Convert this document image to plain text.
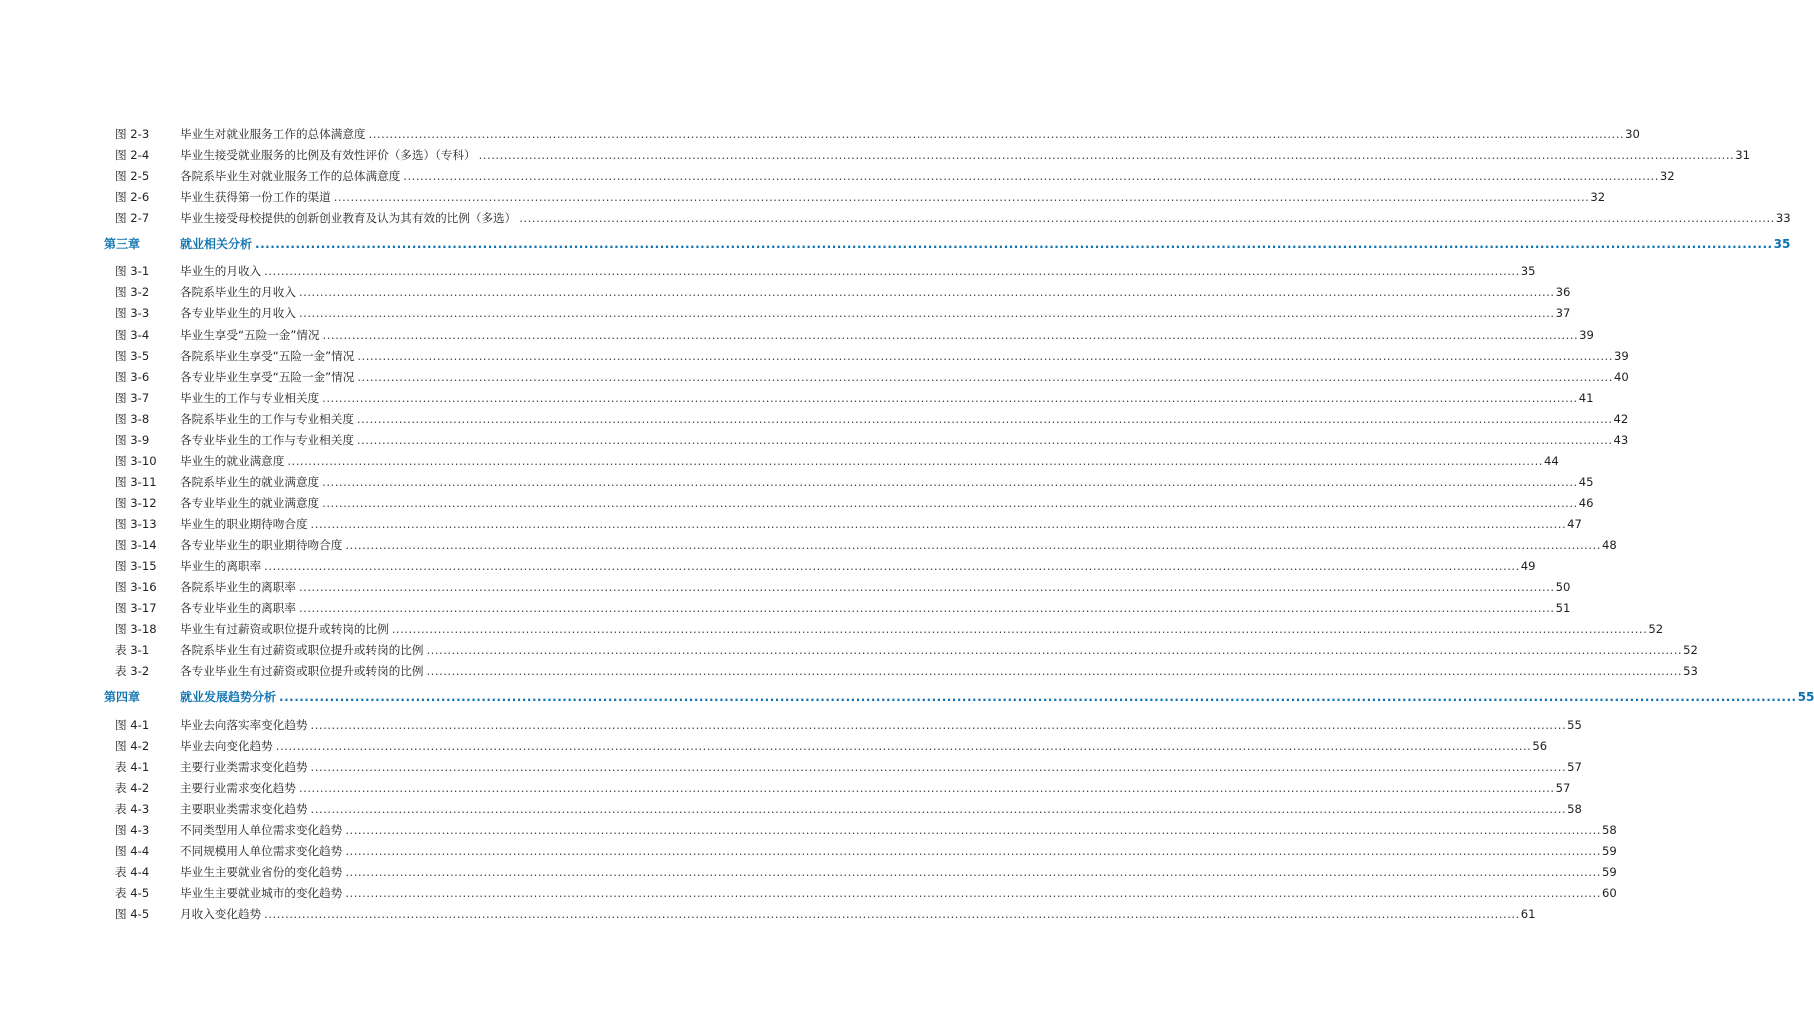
图 2-3	毕业生对就业服务工作的总体满意度 ............................................................................................................................................................................................................................................................................................................ 30
图 2-4	毕业生接受就业服务的比例及有效性评价（多选）（专科） ............................................................................................................................................................................................................................................................................................................ 31
图 2-5	各院系毕业生对就业服务工作的总体满意度 ............................................................................................................................................................................................................................................................................................................ 32
图 2-6	毕业生获得第一份工作的渠道 ............................................................................................................................................................................................................................................................................................................ 32
图 2-7	毕业生接受母校提供的创新创业教育及认为其有效的比例（多选） ............................................................................................................................................................................................................................................................................................................ 33
第三章	就业相关分析 ............................................................................................................................................................................................................................................................................................................ 35
图 3-1	毕业生的月收入 ............................................................................................................................................................................................................................................................................................................ 35
图 3-2	各院系毕业生的月收入 ............................................................................................................................................................................................................................................................................................................ 36
图 3-3	各专业毕业生的月收入 ............................................................................................................................................................................................................................................................................................................ 37
图 3-4	毕业生享受“五险一金”情况 ............................................................................................................................................................................................................................................................................................................ 39
图 3-5	各院系毕业生享受“五险一金”情况 ............................................................................................................................................................................................................................................................................................................ 39
图 3-6	各专业毕业生享受“五险一金”情况 ............................................................................................................................................................................................................................................................................................................ 40
图 3-7	毕业生的工作与专业相关度 ............................................................................................................................................................................................................................................................................................................ 41
图 3-8	各院系毕业生的工作与专业相关度 ............................................................................................................................................................................................................................................................................................................ 42
图 3-9	各专业毕业生的工作与专业相关度 ............................................................................................................................................................................................................................................................................................................ 43
图 3-10 毕业生的就业满意度 ............................................................................................................................................................................................................................................................................................................ 44
图 3-11 各院系毕业生的就业满意度 ............................................................................................................................................................................................................................................................................................................ 45
图 3-12 各专业毕业生的就业满意度 ............................................................................................................................................................................................................................................................................................................ 46
图 3-13 毕业生的职业期待吻合度 ............................................................................................................................................................................................................................................................................................................ 47
图 3-14 各专业毕业生的职业期待吻合度 ............................................................................................................................................................................................................................................................................................................ 48
图 3-15 毕业生的离职率 ............................................................................................................................................................................................................................................................................................................ 49
图 3-16 各院系毕业生的离职率 ............................................................................................................................................................................................................................................................................................................ 50
图 3-17 各专业毕业生的离职率 ............................................................................................................................................................................................................................................................................................................ 51
图 3-18 毕业生有过薪资或职位提升或转岗的比例 ............................................................................................................................................................................................................................................................................................................ 52
表 3-1	各院系毕业生有过薪资或职位提升或转岗的比例 ............................................................................................................................................................................................................................................................................................................ 52
表 3-2	各专业毕业生有过薪资或职位提升或转岗的比例 ............................................................................................................................................................................................................................................................................................................ 53
第四章	就业发展趋势分析 ............................................................................................................................................................................................................................................................................................................ 55
图 4-1	毕业去向落实率变化趋势 ............................................................................................................................................................................................................................................................................................................ 55
图 4-2	毕业去向变化趋势 ............................................................................................................................................................................................................................................................................................................ 56
表 4-1	主要行业类需求变化趋势 ............................................................................................................................................................................................................................................................................................................ 57
表 4-2	主要行业需求变化趋势 ............................................................................................................................................................................................................................................................................................................ 57
表 4-3	主要职业类需求变化趋势 ............................................................................................................................................................................................................................................................................................................ 58
图 4-3	不同类型用人单位需求变化趋势 ............................................................................................................................................................................................................................................................................................................ 58
图 4-4	不同规模用人单位需求变化趋势 ............................................................................................................................................................................................................................................................................................................ 59
表 4-4	毕业生主要就业省份的变化趋势 ............................................................................................................................................................................................................................................................................................................ 59
表 4-5	毕业生主要就业城市的变化趋势 ............................................................................................................................................................................................................................................................................................................ 60
图 4-5	月收入变化趋势 ............................................................................................................................................................................................................................................................................................................ 61
